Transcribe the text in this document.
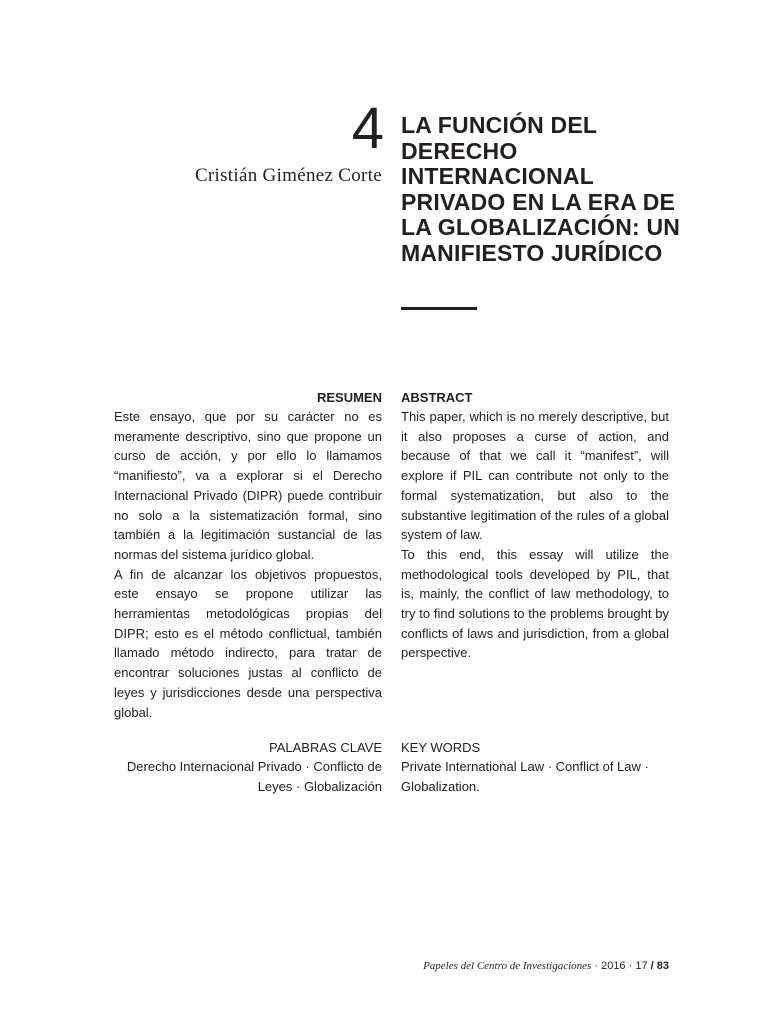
4
Cristián Giménez Corte
LA FUNCIÓN DEL DERECHO INTERNACIONAL PRIVADO EN LA ERA DE LA GLOBALIZACIÓN: UN MANIFIESTO JURÍDICO

RESUMEN

Este ensayo, que por su carácter no es meramente descriptivo, sino que propone un curso de acción, y por ello lo llamamos “manifiesto”, va a explorar si el Derecho Internacional Privado (DIPR) puede contribuir no solo a la sistematización formal, sino también a la legitimación sustancial de las normas del sistema jurídico global.

A fin de alcanzar los objetivos propuestos, este ensayo se propone utilizar las herramientas metodológicas propias del DIPR; esto es el método conflictual, también llamado método indirecto, para tratar de encontrar soluciones justas al conflicto de leyes y jurisdicciones desde una perspectiva global.

ABSTRACT

This paper, which is no merely descriptive, but it also proposes a curse of action, and because of that we call it “manifest”, will explore if PIL can contribute not only to the formal systematization, but also to the substantive legitimation of the rules of a global system of law.

To this end, this essay will utilize the methodological tools developed by PIL, that is, mainly, the conflict of law methodology, to try to find solutions to the problems brought by conflicts of laws and jurisdiction, from a global perspective.

PALABRAS CLAVE

Derecho Internacional Privado · Conflicto de Leyes · Globalización

KEY WORDS

Private International Law · Conflict of Law · Globalization.

Papeles del Centro de Investigaciones · 2016 · 17 / 83
